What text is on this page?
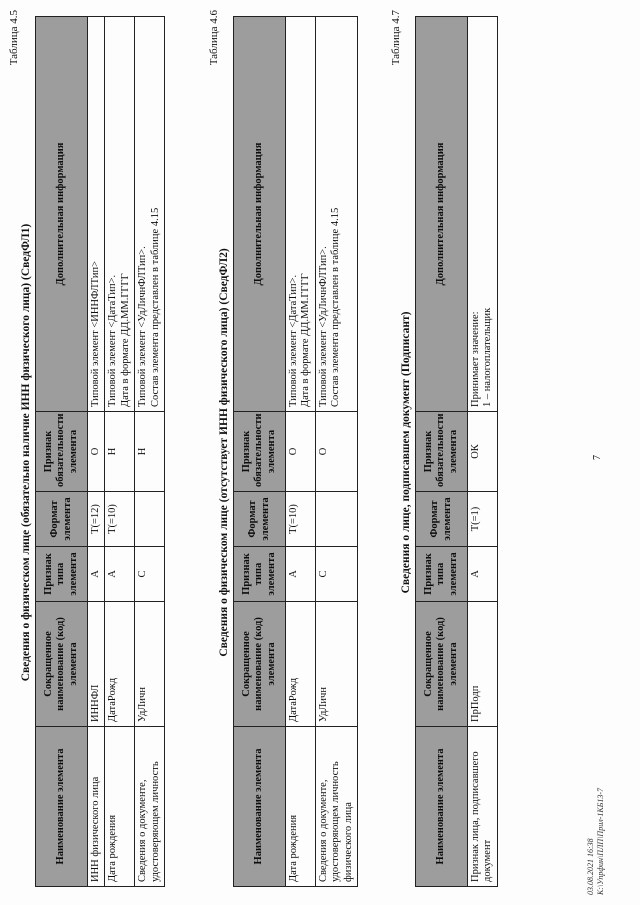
Таблица 4.5
Сведения о физическом лице (обязательно наличие ИНН физического лица) (СведФЛ1)
Наименование элемента	Сокращенное наименование (код) элемента	Признак типа элемента	Формат элемента	Признак обязательности элемента	Дополнительная информация
ИНН физического лица	ИННФЛ	А	T(=12)	О	Типовой элемент <ИННФЛТип>
Дата рождения	ДатаРожд	А	T(=10)	Н	Типовой элемент <ДатаТип>.
Дата в формате ДД.ММ.ГГГГ
Сведения о документе, удостоверяющем личность	УдЛичн	С		Н	Типовой элемент <УдЛичнФЛТип>.
Состав элемента представлен в таблице 4.15
Таблица 4.6
Сведения о физическом лице (отсутствует ИНН физического лица) (СведФЛ2)
Наименование элемента	Сокращенное наименование (код) элемента	Признак типа элемента	Формат элемента	Признак обязательности элемента	Дополнительная информация
Дата рождения	ДатаРожд	А	T(=10)	О	Типовой элемент <ДатаТип>.
Дата в формате ДД.ММ.ГГГГ
Сведения о документе, удостоверяющем личность физического лица	УдЛичн	С		О	Типовой элемент <УдЛичнФЛТип>.
Состав элемента представлен в таблице 4.15
Таблица 4.7
Сведения о лице, подписавшем документ (Подписант)
Наименование элемента	Сокращенное наименование (код) элемента	Признак типа элемента	Формат элемента	Признак обязательности элемента	Дополнительная информация
Признак лица, подписавшего документ	ПрПодп	А	T(=1)	ОК	Принимает значение:
1 – налогоплательщик
7
03.08.2021 16:38 К:\Упрфин\ПЛП\Прил-1КБ13-7
